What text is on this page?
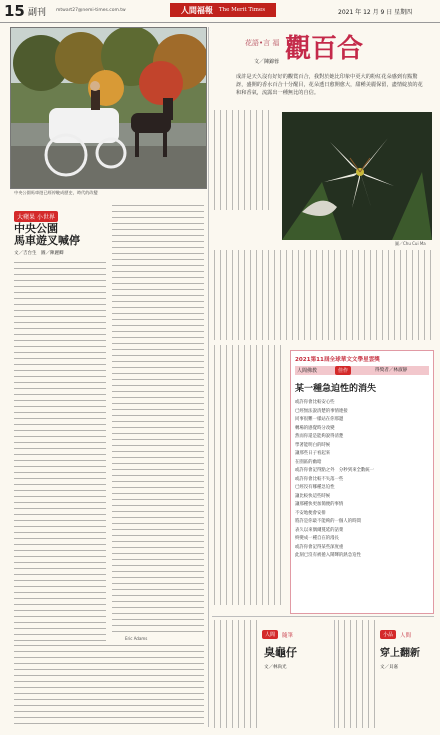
15 副刊 mtwart27@nemi-times.com.tw	人間福報 The Merit Times	2021 年 12 月 9 日 星期四
中央公園馬車遊已經停駛成歷史，時代的改變
大蘋果 小世界
中央公園
馬車遊叉喊停
文／吉台生　圖／陳麗卿
Eric Adams
花語•言 福 觀百合
文／陳錦蓉
成許是天久沒有好好的觀賞百合，我對於她比印象中更大的粉紅花朵感到有點驚訝，盛開的香水百合十分醒目，花朵透日愈開愈大，甜種美麗保留，盡情綻放的花和和香氣，流露出一種無比的自信。
圖／Chu Cui Ma
2021第11屆全球華文文學星雲獎
人間佛教	佳作	得獎者／林淑靜
某一種急迫性的消失
或許你會比較安心些
已經無法說清楚的事情連接
同事很難一樣站在你那邊
轉場的感覺時分改變
然而你還是能夠說得清楚
學著能明白的時候
讓那些日子看起來
在園區的幽暗
或許你會記得點之外　分秒到來全數統一
或許你會比較不失落一些
已經沒有哪種急迫性
讓比較快這些時候
讓那種快更加簡便的事情
不安地便會安排
將許是你最不能夠的一個人的時間
表久以來偶爾蔓延的話菜
終變成一種自在的漫長
或許你會記得某些深度重
此刻已沒有被捲入鬧聲的熱急迫性
人間	隨筆
臭龜仔
文／林尚光
小品	人間
穿上翻新
文／貝嘉
